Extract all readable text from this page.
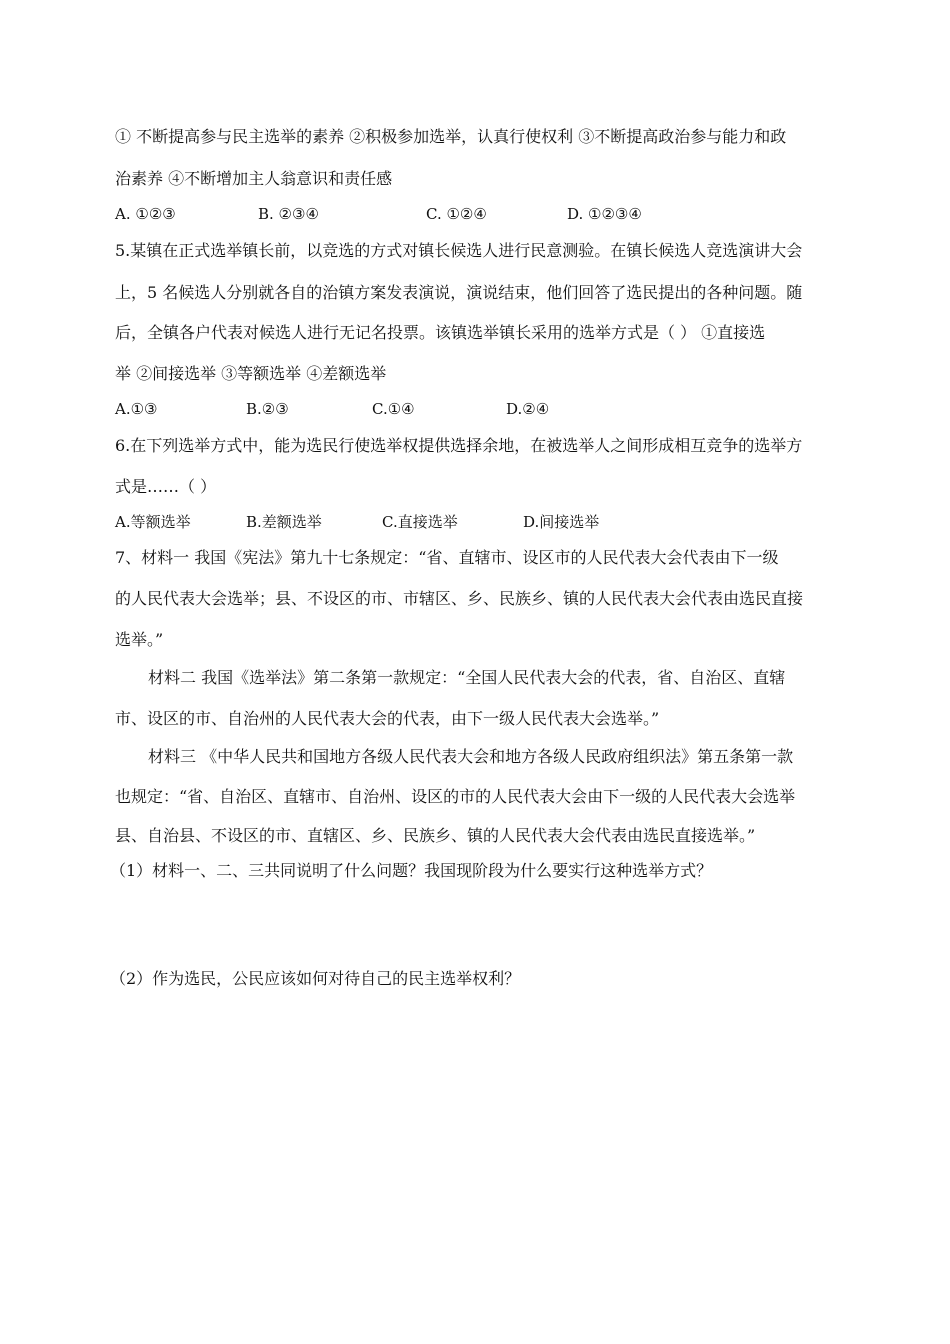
① 不断提高参与民主选举的素养 ②积极参加选举，认真行使权利 ③不断提高政治参与能力和政
治素养 ④不断增加主人翁意识和责任感
A. ①②③	B. ②③④	C. ①②④	D. ①②③④
5.某镇在正式选举镇长前，以竞选的方式对镇长候选人进行民意测验。在镇长候选人竞选演讲大会
上，5 名候选人分别就各自的治镇方案发表演说，演说结束，他们回答了选民提出的各种问题。随
后，全镇各户代表对候选人进行无记名投票。该镇选举镇长采用的选举方式是（ ） ①直接选
举 ②间接选举 ③等额选举 ④差额选举
A.①③	B.②③	C.①④	D.②④
6.在下列选举方式中，能为选民行使选举权提供选择余地，在被选举人之间形成相互竞争的选举方
式是……（ ）
A.等额选举	B.差额选举	C.直接选举	D.间接选举
7、材料一 我国《宪法》第九十七条规定：“省、直辖市、设区市的人民代表大会代表由下一级
的人民代表大会选举；县、不设区的市、市辖区、乡、民族乡、镇的人民代表大会代表由选民直接
选举。”
材料二 我国《选举法》第二条第一款规定：“全国人民代表大会的代表，省、自治区、直辖
市、设区的市、自治州的人民代表大会的代表，由下一级人民代表大会选举。”
材料三 《中华人民共和国地方各级人民代表大会和地方各级人民政府组织法》第五条第一款
也规定：“省、自治区、直辖市、自治州、设区的市的人民代表大会由下一级的人民代表大会选举
县、自治县、不设区的市、直辖区、乡、民族乡、镇的人民代表大会代表由选民直接选举。”
（1）材料一、二、三共同说明了什么问题？我国现阶段为什么要实行这种选举方式？
（2）作为选民，公民应该如何对待自己的民主选举权利？
